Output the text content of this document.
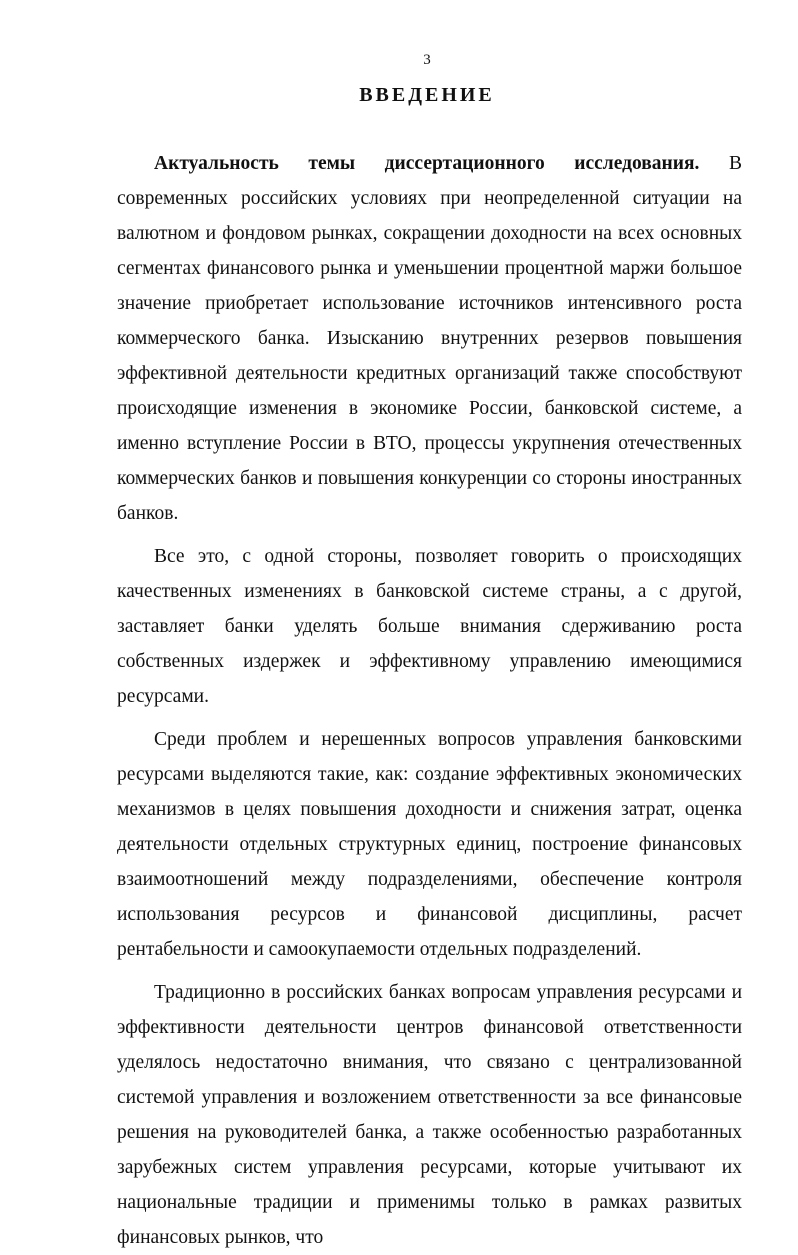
3
ВВЕДЕНИЕ

Актуальность темы диссертационного исследования. В современных российских условиях при неопределенной ситуации на валютном и фондовом рынках, сокращении доходности на всех основных сегментах финансового рынка и уменьшении процентной маржи большое значение приобретает использование источников интенсивного роста коммерческого банка. Изысканию внутренних резервов повышения эффективной деятельности кредитных организаций также способствуют происходящие изменения в экономике России, банковской системе, а именно вступление России в ВТО, процессы укрупнения отечественных коммерческих банков и повышения конкуренции со стороны иностранных банков.

Все это, с одной стороны, позволяет говорить о происходящих качественных изменениях в банковской системе страны, а с другой, заставляет банки уделять больше внимания сдерживанию роста собственных издержек и эффективному управлению имеющимися ресурсами.

Среди проблем и нерешенных вопросов управления банковскими ресурсами выделяются такие, как: создание эффективных экономических механизмов в целях повышения доходности и снижения затрат, оценка деятельности отдельных структурных единиц, построение финансовых взаимоотношений между подразделениями, обеспечение контроля использования ресурсов и финансовой дисциплины, расчет рентабельности и самоокупаемости отдельных подразделений.

Традиционно в российских банках вопросам управления ресурсами и эффективности деятельности центров финансовой ответственности уделялось недостаточно внимания, что связано с централизованной системой управления и возложением ответственности за все финансовые решения на руководителей банка, а также особенностью разработанных зарубежных систем управления ресурсами, которые учитывают их национальные традиции и применимы только в рамках развитых финансовых рынков, что
